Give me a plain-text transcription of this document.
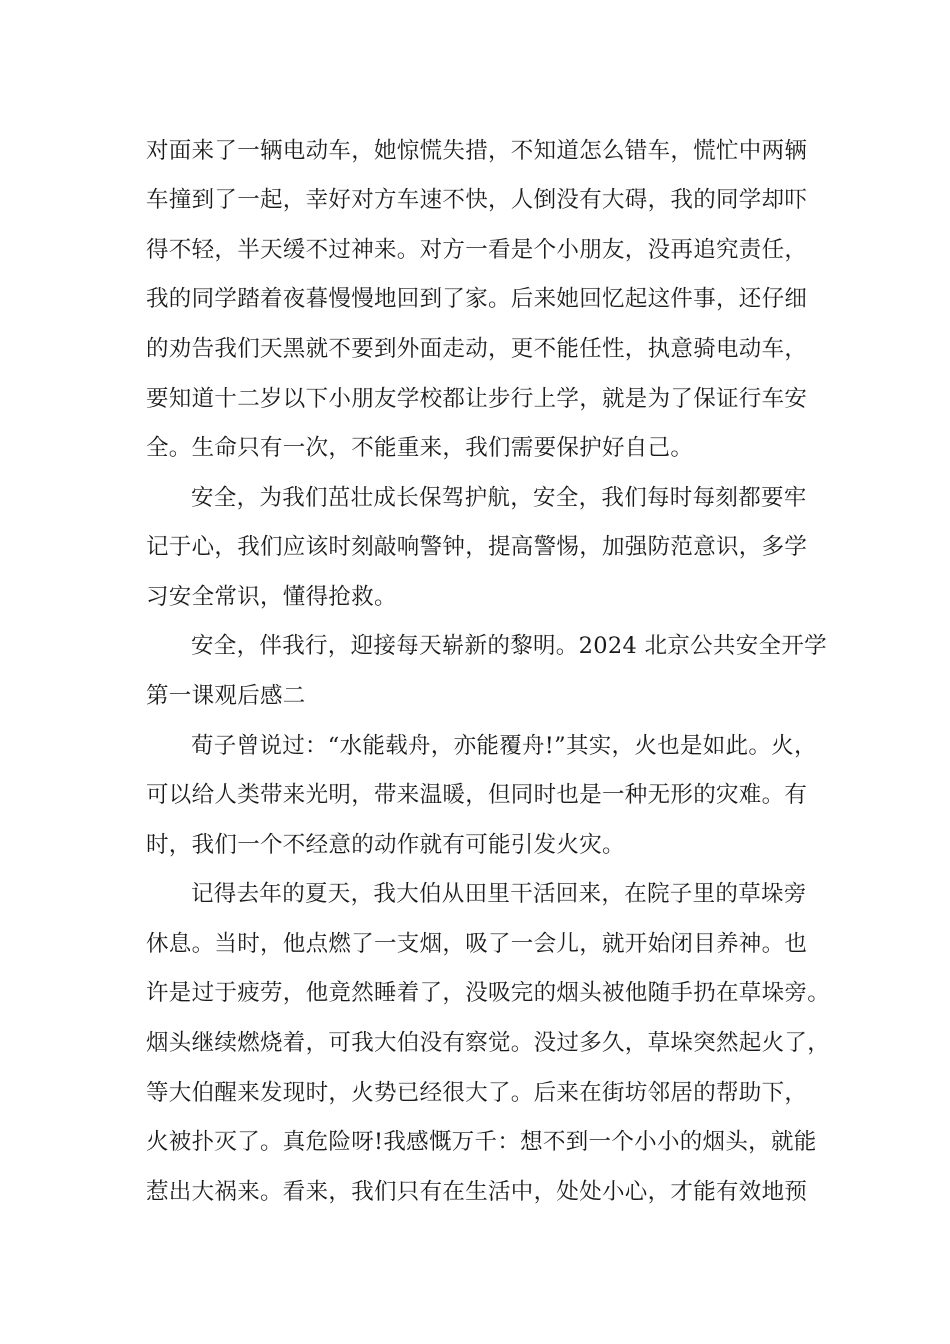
对面来了一辆电动车，她惊慌失措，不知道怎么错车，慌忙中两辆
车撞到了一起，幸好对方车速不快，人倒没有大碍，我的同学却吓
得不轻，半天缓不过神来。对方一看是个小朋友，没再追究责任，
我的同学踏着夜暮慢慢地回到了家。后来她回忆起这件事，还仔细
的劝告我们天黑就不要到外面走动，更不能任性，执意骑电动车，
要知道十二岁以下小朋友学校都让步行上学，就是为了保证行车安
全。生命只有一次，不能重来，我们需要保护好自己。
安全，为我们茁壮成长保驾护航，安全，我们每时每刻都要牢
记于心，我们应该时刻敲响警钟，提高警惕，加强防范意识，多学
习安全常识，懂得抢救。
安全，伴我行，迎接每天崭新的黎明。2024 北京公共安全开学
第一课观后感二
荀子曾说过：“水能载舟，亦能覆舟!”其实，火也是如此。火，
可以给人类带来光明，带来温暖，但同时也是一种无形的灾难。有
时，我们一个不经意的动作就有可能引发火灾。
记得去年的夏天，我大伯从田里干活回来，在院子里的草垛旁
休息。当时，他点燃了一支烟，吸了一会儿，就开始闭目养神。也
许是过于疲劳，他竟然睡着了，没吸完的烟头被他随手扔在草垛旁。
烟头继续燃烧着，可我大伯没有察觉。没过多久，草垛突然起火了，
等大伯醒来发现时，火势已经很大了。后来在街坊邻居的帮助下，
火被扑灭了。真危险呀!我感慨万千：想不到一个小小的烟头，就能
惹出大祸来。看来，我们只有在生活中，处处小心，才能有效地预
